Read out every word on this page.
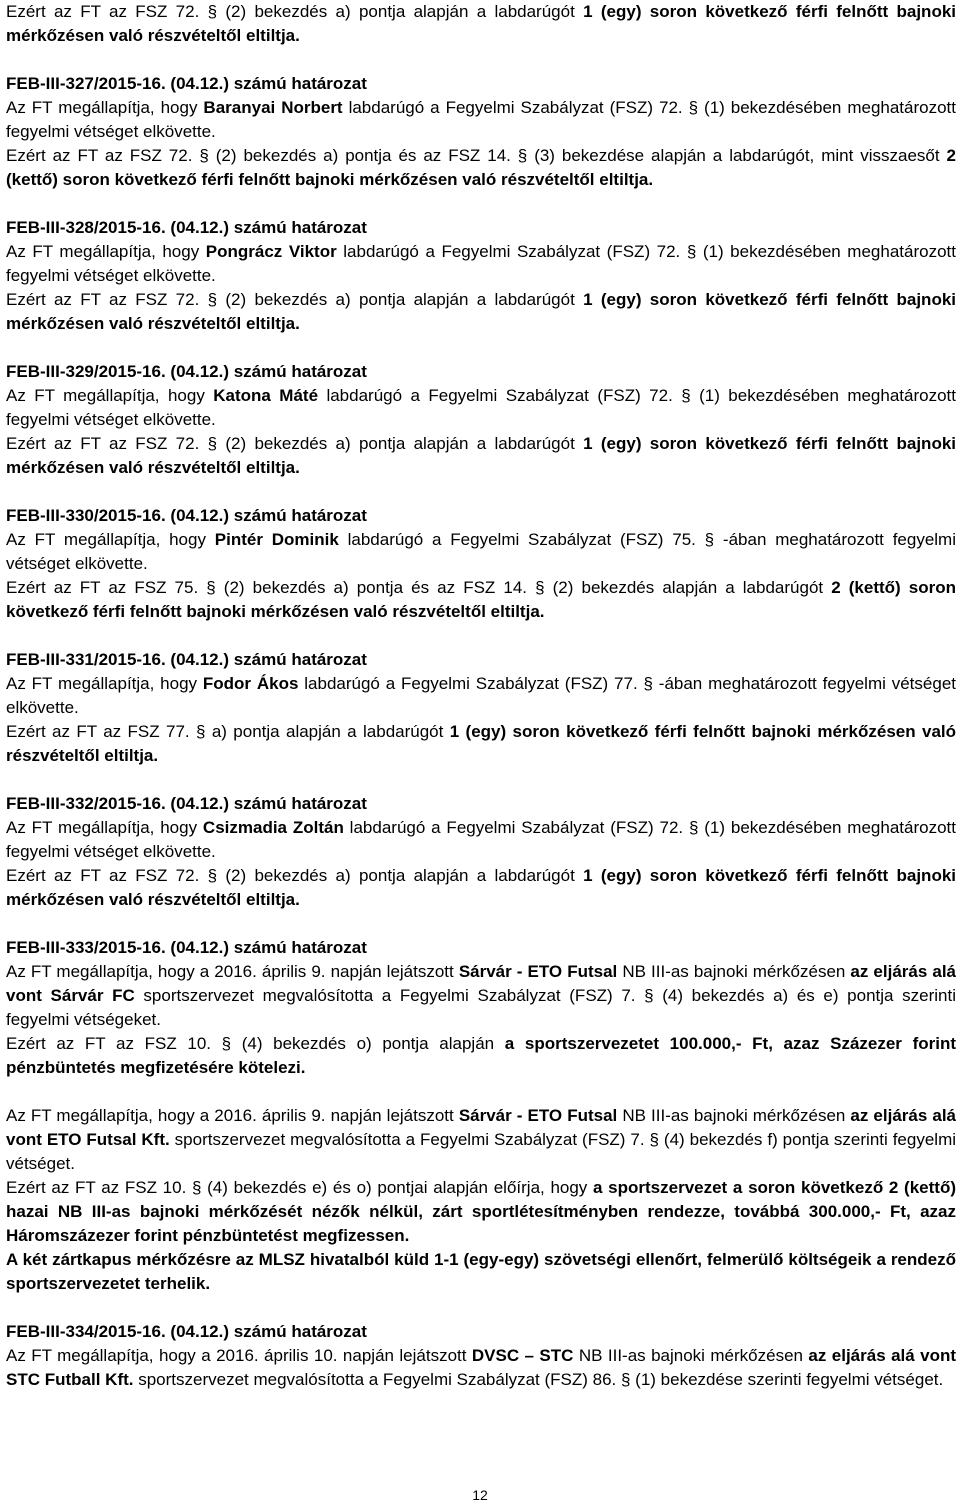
Ezért az FT az FSZ 72. § (2) bekezdés a) pontja alapján a labdarúgót 1 (egy) soron következő férfi felnőtt bajnoki mérkőzésen való részvételtől eltiltja.

FEB-III-327/2015-16. (04.12.) számú határozat

Az FT megállapítja, hogy Baranyai Norbert labdarúgó a Fegyelmi Szabályzat (FSZ) 72. § (1) bekezdésében meghatározott fegyelmi vétséget elkövette.

Ezért az FT az FSZ 72. § (2) bekezdés a) pontja és az FSZ 14. § (3) bekezdése alapján a labdarúgót, mint visszaesőt 2 (kettő) soron következő férfi felnőtt bajnoki mérkőzésen való részvételtől eltiltja.

FEB-III-328/2015-16. (04.12.) számú határozat

Az FT megállapítja, hogy Pongrácz Viktor labdarúgó a Fegyelmi Szabályzat (FSZ) 72. § (1) bekezdésében meghatározott fegyelmi vétséget elkövette.

Ezért az FT az FSZ 72. § (2) bekezdés a) pontja alapján a labdarúgót 1 (egy) soron következő férfi felnőtt bajnoki mérkőzésen való részvételtől eltiltja.

FEB-III-329/2015-16. (04.12.) számú határozat

Az FT megállapítja, hogy Katona Máté labdarúgó a Fegyelmi Szabályzat (FSZ) 72. § (1) bekezdésében meghatározott fegyelmi vétséget elkövette.

Ezért az FT az FSZ 72. § (2) bekezdés a) pontja alapján a labdarúgót 1 (egy) soron következő férfi felnőtt bajnoki mérkőzésen való részvételtől eltiltja.

FEB-III-330/2015-16. (04.12.) számú határozat

Az FT megállapítja, hogy Pintér Dominik labdarúgó a Fegyelmi Szabályzat (FSZ) 75. § -ában meghatározott fegyelmi vétséget elkövette.

Ezért az FT az FSZ 75. § (2) bekezdés a) pontja és az FSZ 14. § (2) bekezdés alapján a labdarúgót 2 (kettő) soron következő férfi felnőtt bajnoki mérkőzésen való részvételtől eltiltja.

FEB-III-331/2015-16. (04.12.) számú határozat

Az FT megállapítja, hogy Fodor Ákos labdarúgó a Fegyelmi Szabályzat (FSZ) 77. § -ában meghatározott fegyelmi vétséget elkövette.

Ezért az FT az FSZ 77. § a) pontja alapján a labdarúgót 1 (egy) soron következő férfi felnőtt bajnoki mérkőzésen való részvételtől eltiltja.

FEB-III-332/2015-16. (04.12.) számú határozat

Az FT megállapítja, hogy Csizmadia Zoltán labdarúgó a Fegyelmi Szabályzat (FSZ) 72. § (1) bekezdésében meghatározott fegyelmi vétséget elkövette.

Ezért az FT az FSZ 72. § (2) bekezdés a) pontja alapján a labdarúgót 1 (egy) soron következő férfi felnőtt bajnoki mérkőzésen való részvételtől eltiltja.

FEB-III-333/2015-16. (04.12.) számú határozat

Az FT megállapítja, hogy a 2016. április 9. napján lejátszott Sárvár - ETO Futsal NB III-as bajnoki mérkőzésen az eljárás alá vont Sárvár FC sportszervezet megvalósította a Fegyelmi Szabályzat (FSZ) 7. § (4) bekezdés a) és e) pontja szerinti fegyelmi vétségeket.

Ezért az FT az FSZ 10. § (4) bekezdés o) pontja alapján a sportszervezetet 100.000,- Ft, azaz Százezer forint pénzbüntetés megfizetésére kötelezi.

Az FT megállapítja, hogy a 2016. április 9. napján lejátszott Sárvár - ETO Futsal NB III-as bajnoki mérkőzésen az eljárás alá vont ETO Futsal Kft. sportszervezet megvalósította a Fegyelmi Szabályzat (FSZ) 7. § (4) bekezdés f) pontja szerinti fegyelmi vétséget.

Ezért az FT az FSZ 10. § (4) bekezdés e) és o) pontjai alapján előírja, hogy a sportszervezet a soron következő 2 (kettő) hazai NB III-as bajnoki mérkőzését nézők nélkül, zárt sportlétesítményben rendezze, továbbá 300.000,- Ft, azaz Háromszázezer forint pénzbüntetést megfizessen.

A két zártkapus mérkőzésre az MLSZ hivatalból küld 1-1 (egy-egy) szövetségi ellenőrt, felmerülő költségeik a rendező sportszervezetet terhelik.

FEB-III-334/2015-16. (04.12.) számú határozat

Az FT megállapítja, hogy a 2016. április 10. napján lejátszott DVSC – STC NB III-as bajnoki mérkőzésen az eljárás alá vont STC Futball Kft. sportszervezet megvalósította a Fegyelmi Szabályzat (FSZ) 86. § (1) bekezdése szerinti fegyelmi vétséget.

12
